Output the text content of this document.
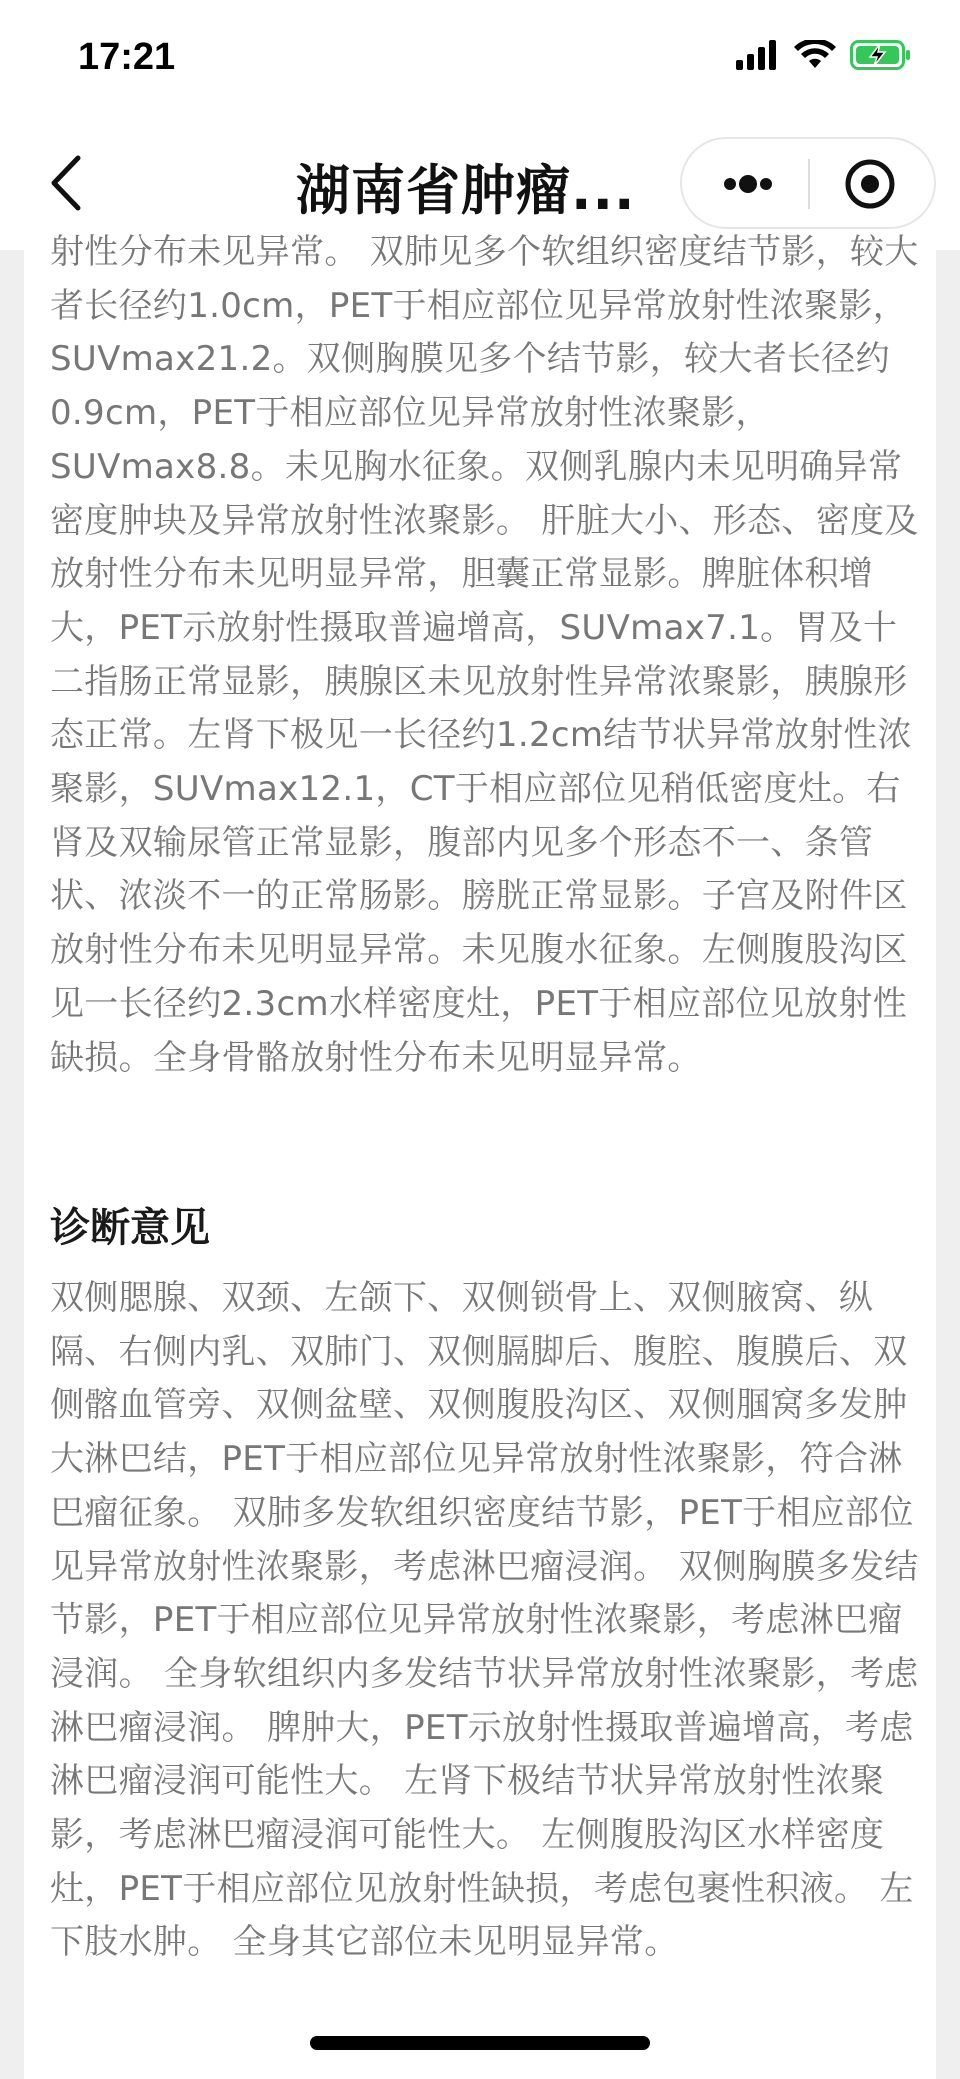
17:21
湖南省肿瘤...
射性分布未见异常。 双肺见多个软组织密度结节影，较大者长径约1.0cm，PET于相应部位见异常放射性浓聚影，SUVmax21.2。双侧胸膜见多个结节影，较大者长径约0.9cm，PET于相应部位见异常放射性浓聚影，SUVmax8.8。未见胸水征象。双侧乳腺内未见明确异常密度肿块及异常放射性浓聚影。 肝脏大小、形态、密度及放射性分布未见明显异常，胆囊正常显影。脾脏体积增大，PET示放射性摄取普遍增高，SUVmax7.1。胃及十二指肠正常显影，胰腺区未见放射性异常浓聚影，胰腺形态正常。左肾下极见一长径约1.2cm结节状异常放射性浓聚影，SUVmax12.1，CT于相应部位见稍低密度灶。右肾及双输尿管正常显影，腹部内见多个形态不一、条管状、浓淡不一的正常肠影。膀胱正常显影。子宫及附件区放射性分布未见明显异常。未见腹水征象。左侧腹股沟区见一长径约2.3cm水样密度灶，PET于相应部位见放射性缺损。全身骨骼放射性分布未见明显异常。
诊断意见
双侧腮腺、双颈、左颌下、双侧锁骨上、双侧腋窝、纵隔、右侧内乳、双肺门、双侧膈脚后、腹腔、腹膜后、双侧髂血管旁、双侧盆壁、双侧腹股沟区、双侧腘窝多发肿大淋巴结，PET于相应部位见异常放射性浓聚影，符合淋巴瘤征象。 双肺多发软组织密度结节影，PET于相应部位见异常放射性浓聚影，考虑淋巴瘤浸润。 双侧胸膜多发结节影，PET于相应部位见异常放射性浓聚影，考虑淋巴瘤浸润。 全身软组织内多发结节状异常放射性浓聚影，考虑淋巴瘤浸润。 脾肿大，PET示放射性摄取普遍增高，考虑淋巴瘤浸润可能性大。 左肾下极结节状异常放射性浓聚影，考虑淋巴瘤浸润可能性大。 左侧腹股沟区水样密度灶，PET于相应部位见放射性缺损，考虑包裹性积液。 左下肢水肿。 全身其它部位未见明显异常。
